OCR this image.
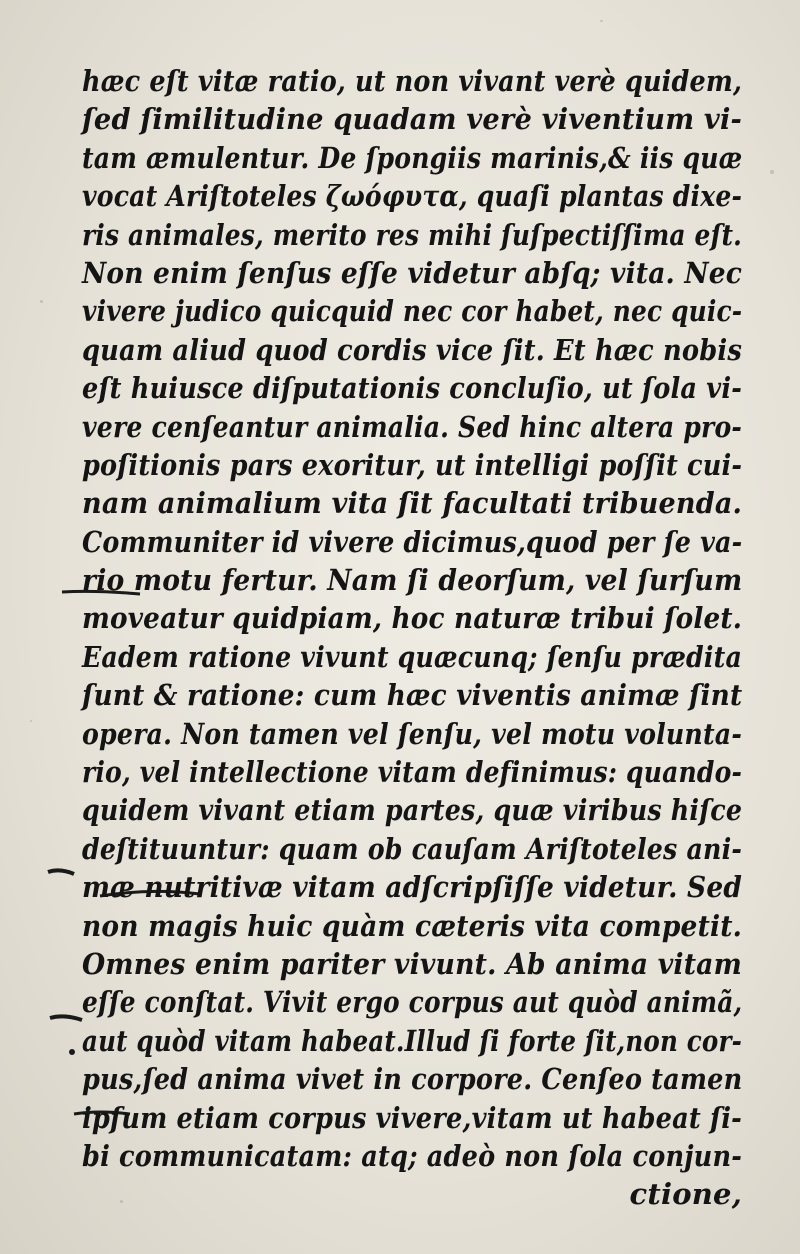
hæc eſt vitæ ratio, ut non vivant verè quidem,
ſed ſimilitudine quadam verè viventium vi-
tam æmulentur. De ſpongiis marinis,& iis quæ
vocat Ariſtoteles ζωόφυτα, quaſi plantas dixe-
ris animales, merito res mihi ſuſpectiſſima eſt.
Non enim ſenſus eſſe videtur abſq; vita. Nec
vivere judico quicquid nec cor habet, nec quic-
quam aliud quod cordis vice ſit. Et hæc nobis
eſt huiusce diſputationis concluſio, ut ſola vi-
vere cenſeantur animalia. Sed hinc altera pro-
poſitionis pars exoritur, ut intelligi poſſit cui-
nam animalium vita ſit facultati tribuenda.
Communiter id vivere dicimus,quod per ſe va-
rio motu fertur. Nam ſi deorſum, vel ſurſum
moveatur quidpiam, hoc naturæ tribui ſolet.
Eadem ratione vivunt quæcunq; ſenſu prædita
ſunt & ratione: cum hæc viventis animæ ſint
opera. Non tamen vel ſenſu, vel motu volunta-
rio, vel intellectione vitam definimus: quando-
quidem vivant etiam partes, quæ viribus hiſce
deſtituuntur: quam ob cauſam Ariſtoteles ani-
mæ nutritivæ vitam adſcripſiſſe videtur. Sed
non magis huic quàm cæteris vita competit.
Omnes enim pariter vivunt. Ab anima vitam
eſſe conſtat. Vivit ergo corpus aut quòd animã,
aut quòd vitam habeat.Illud ſi forte ſit,non cor-
pus,ſed anima vivet in corpore. Cenſeo tamen
ipſum etiam corpus vivere,vitam ut habeat ſi-
bi communicatam: atq; adeò non ſola conjun-
ctione,
